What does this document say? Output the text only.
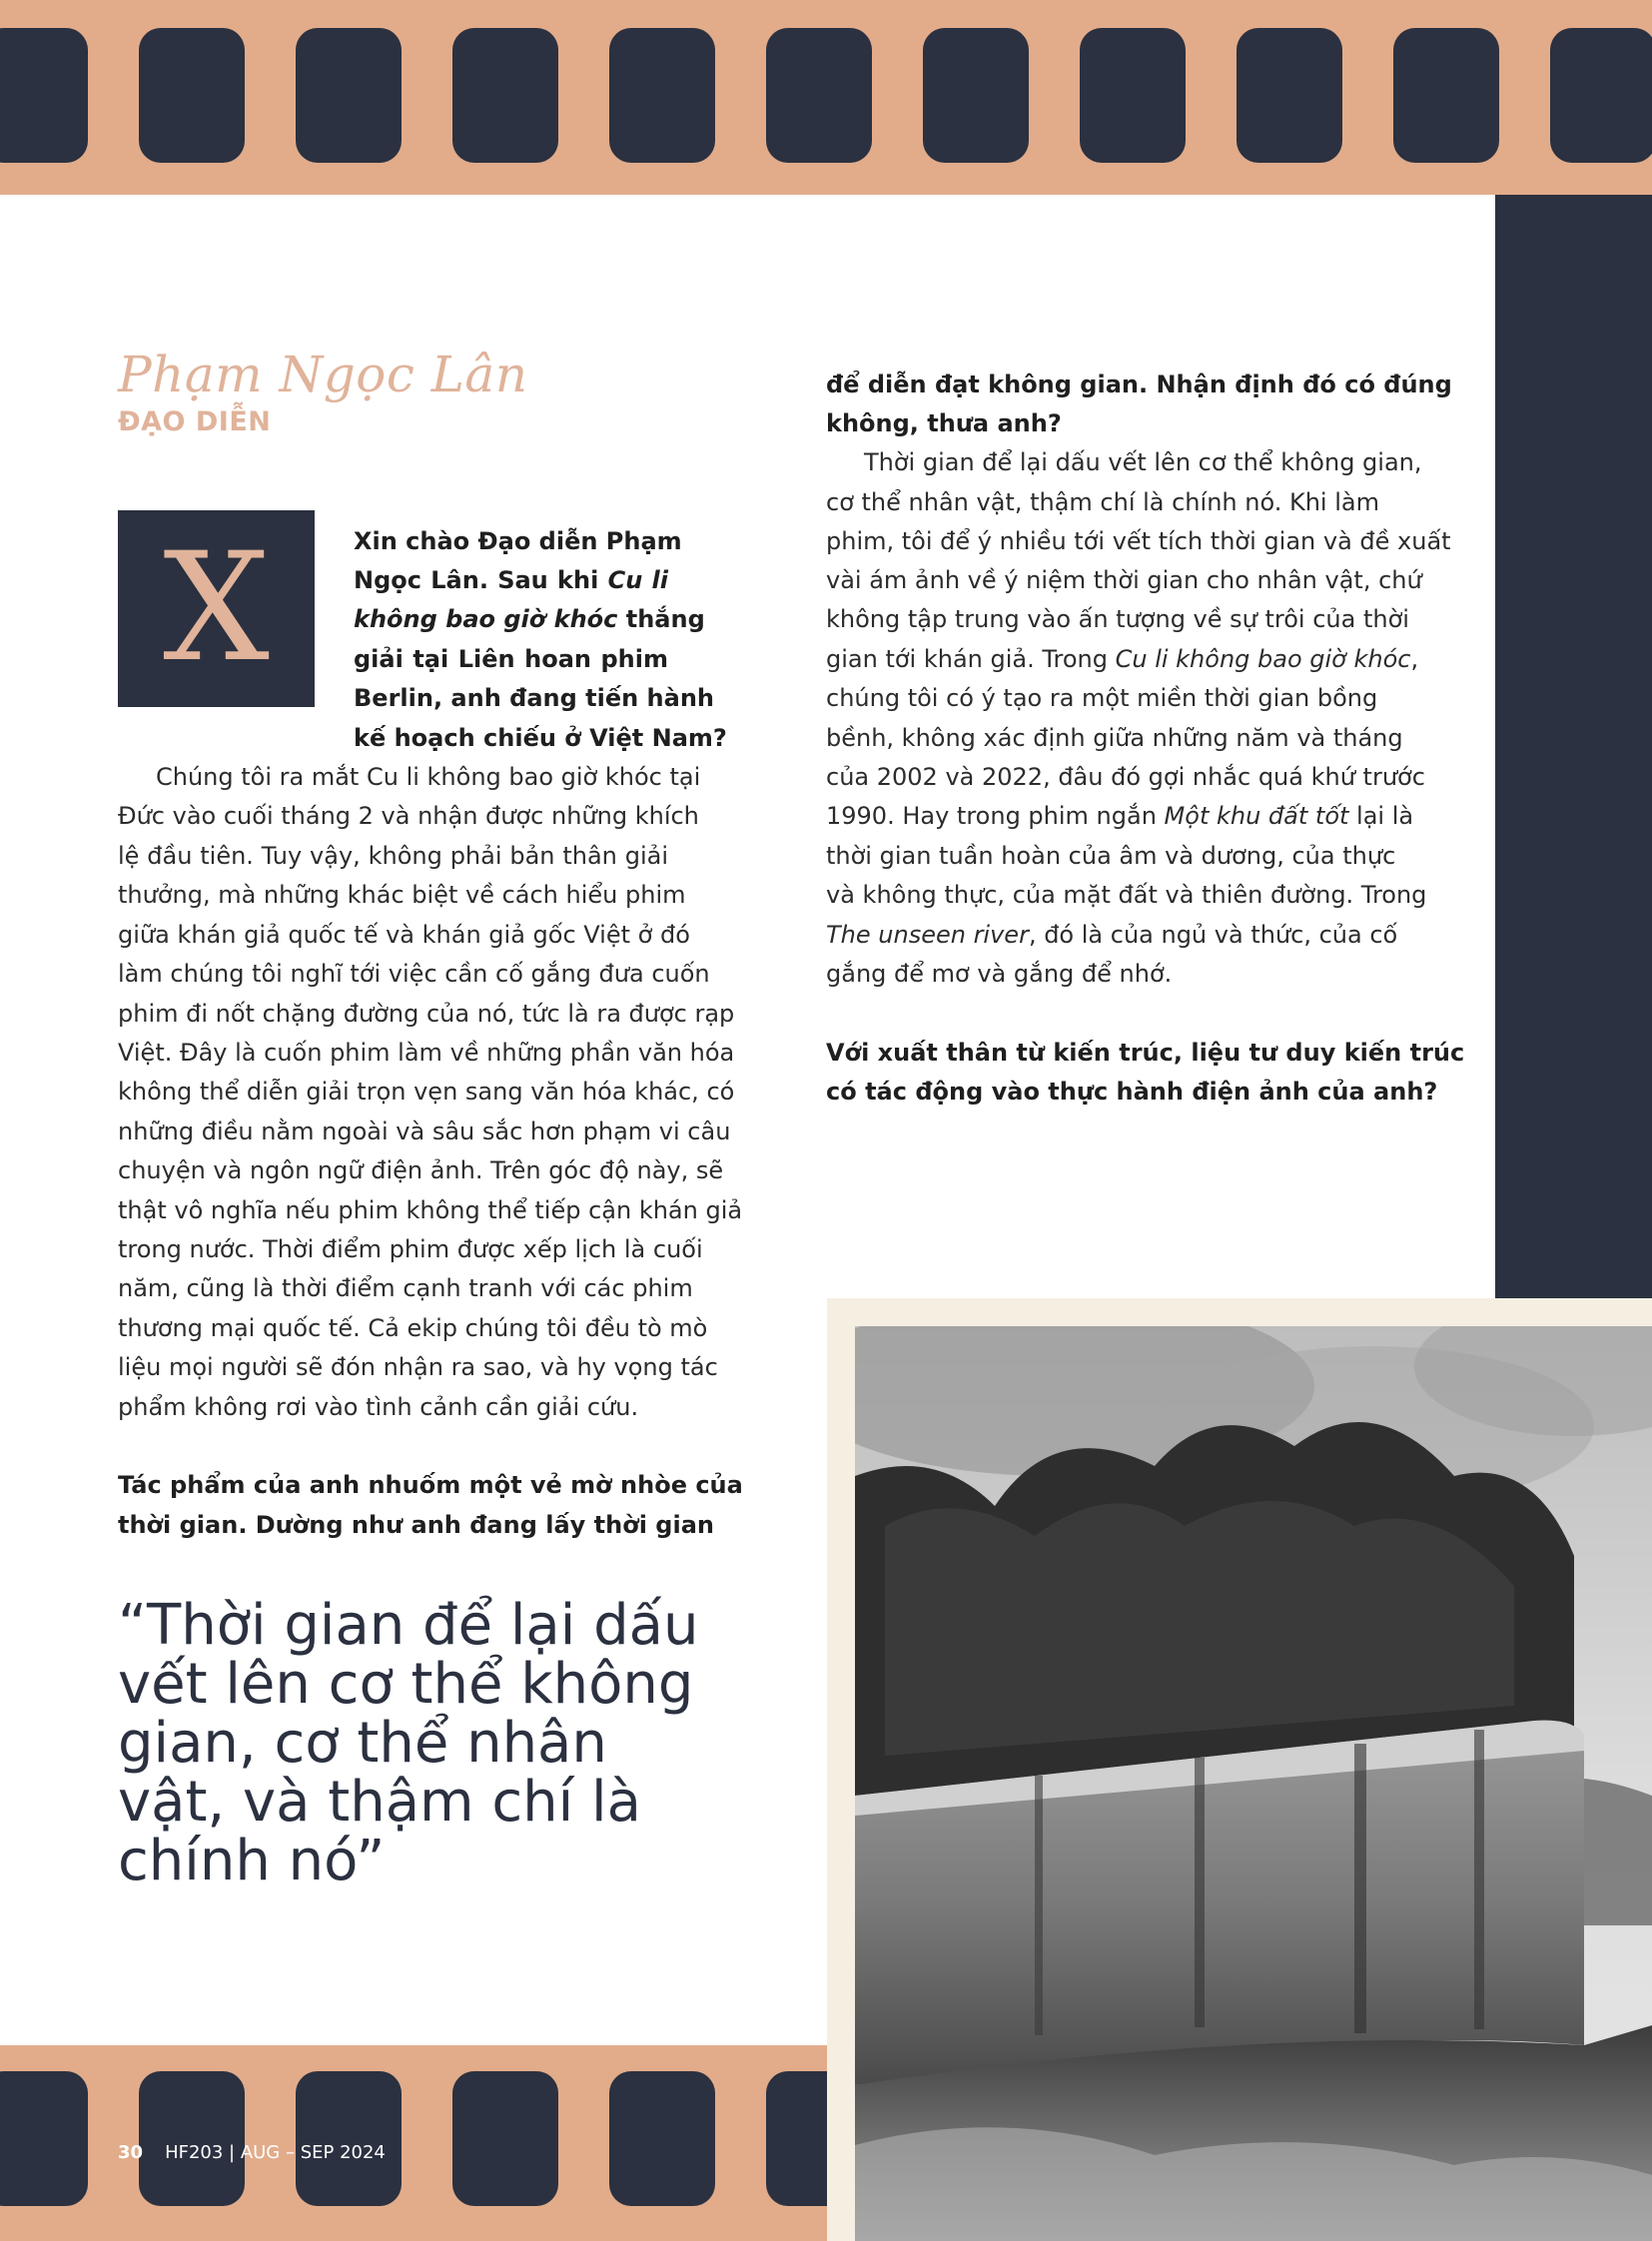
Phạm Ngọc Lân
ĐẠO DIỄN
X	Xin chào Đạo diễn Phạm
Ngọc Lân. Sau khi Cu li
không bao giờ khóc thắng
giải tại Liên hoan phim
Berlin, anh đang tiến hành
kế hoạch chiếu ở Việt Nam?
Chúng tôi ra mắt Cu li không bao giờ khóc tại
Đức vào cuối tháng 2 và nhận được những khích
lệ đầu tiên. Tuy vậy, không phải bản thân giải
thưởng, mà những khác biệt về cách hiểu phim
giữa khán giả quốc tế và khán giả gốc Việt ở đó
làm chúng tôi nghĩ tới việc cần cố gắng đưa cuốn
phim đi nốt chặng đường của nó, tức là ra được rạp
Việt. Đây là cuốn phim làm về những phần văn hóa
không thể diễn giải trọn vẹn sang văn hóa khác, có
những điều nằm ngoài và sâu sắc hơn phạm vi câu
chuyện và ngôn ngữ điện ảnh. Trên góc độ này, sẽ
thật vô nghĩa nếu phim không thể tiếp cận khán giả
trong nước. Thời điểm phim được xếp lịch là cuối
năm, cũng là thời điểm cạnh tranh với các phim
thương mại quốc tế. Cả ekip chúng tôi đều tò mò
liệu mọi người sẽ đón nhận ra sao, và hy vọng tác
phẩm không rơi vào tình cảnh cần giải cứu.
Tác phẩm của anh nhuốm một vẻ mờ nhòe của
thời gian. Dường như anh đang lấy thời gian
để diễn đạt không gian. Nhận định đó có đúng
không, thưa anh?
Thời gian để lại dấu vết lên cơ thể không gian,
cơ thể nhân vật, thậm chí là chính nó. Khi làm
phim, tôi để ý nhiều tới vết tích thời gian và đề xuất
vài ám ảnh về ý niệm thời gian cho nhân vật, chứ
không tập trung vào ấn tượng về sự trôi của thời
gian tới khán giả. Trong Cu li không bao giờ khóc,
chúng tôi có ý tạo ra một miền thời gian bồng
bềnh, không xác định giữa những năm và tháng
của 2002 và 2022, đâu đó gợi nhắc quá khứ trước
1990. Hay trong phim ngắn Một khu đất tốt lại là
thời gian tuần hoàn của âm và dương, của thực
và không thực, của mặt đất và thiên đường. Trong
The unseen river, đó là của ngủ và thức, của cố
gắng để mơ và gắng để nhớ.
Với xuất thân từ kiến trúc, liệu tư duy kiến trúc
có tác động vào thực hành điện ảnh của anh?
“Thời gian để lại dấu
vết lên cơ thể không
gian, cơ thể nhân
vật, và thậm chí là
chính nó”
30 HF203 | AUG – SEP 2024
